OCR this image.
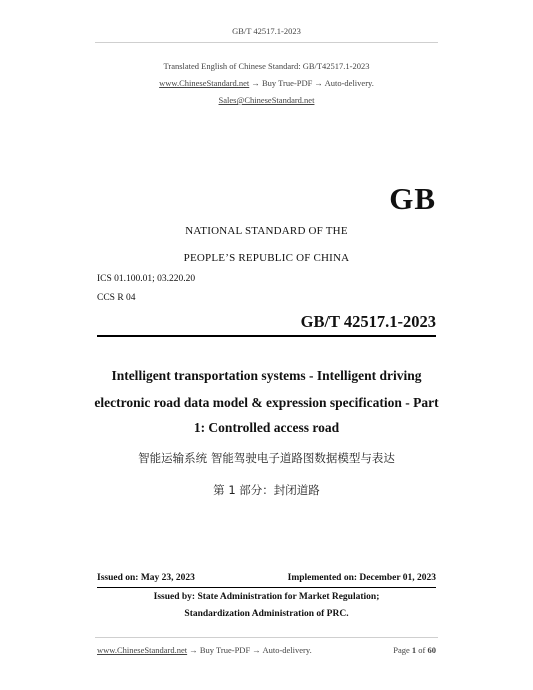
GB/T 42517.1-2023
Translated English of Chinese Standard: GB/T42517.1-2023
www.ChineseStandard.net → Buy True-PDF → Auto-delivery.
Sales@ChineseStandard.net
GB
NATIONAL STANDARD OF THE
PEOPLE’S REPUBLIC OF CHINA
ICS 01.100.01; 03.220.20
CCS R 04
GB/T 42517.1-2023
Intelligent transportation systems - Intelligent driving
electronic road data model & expression specification - Part
1: Controlled access road
智能运输系统 智能驾驶电子道路图数据模型与表达
第 1 部分：封闭道路
Issued on: May 23, 2023	Implemented on: December 01, 2023
Issued by: State Administration for Market Regulation;
Standardization Administration of PRC.
www.ChineseStandard.net → Buy True-PDF → Auto-delivery.	Page 1 of 60
